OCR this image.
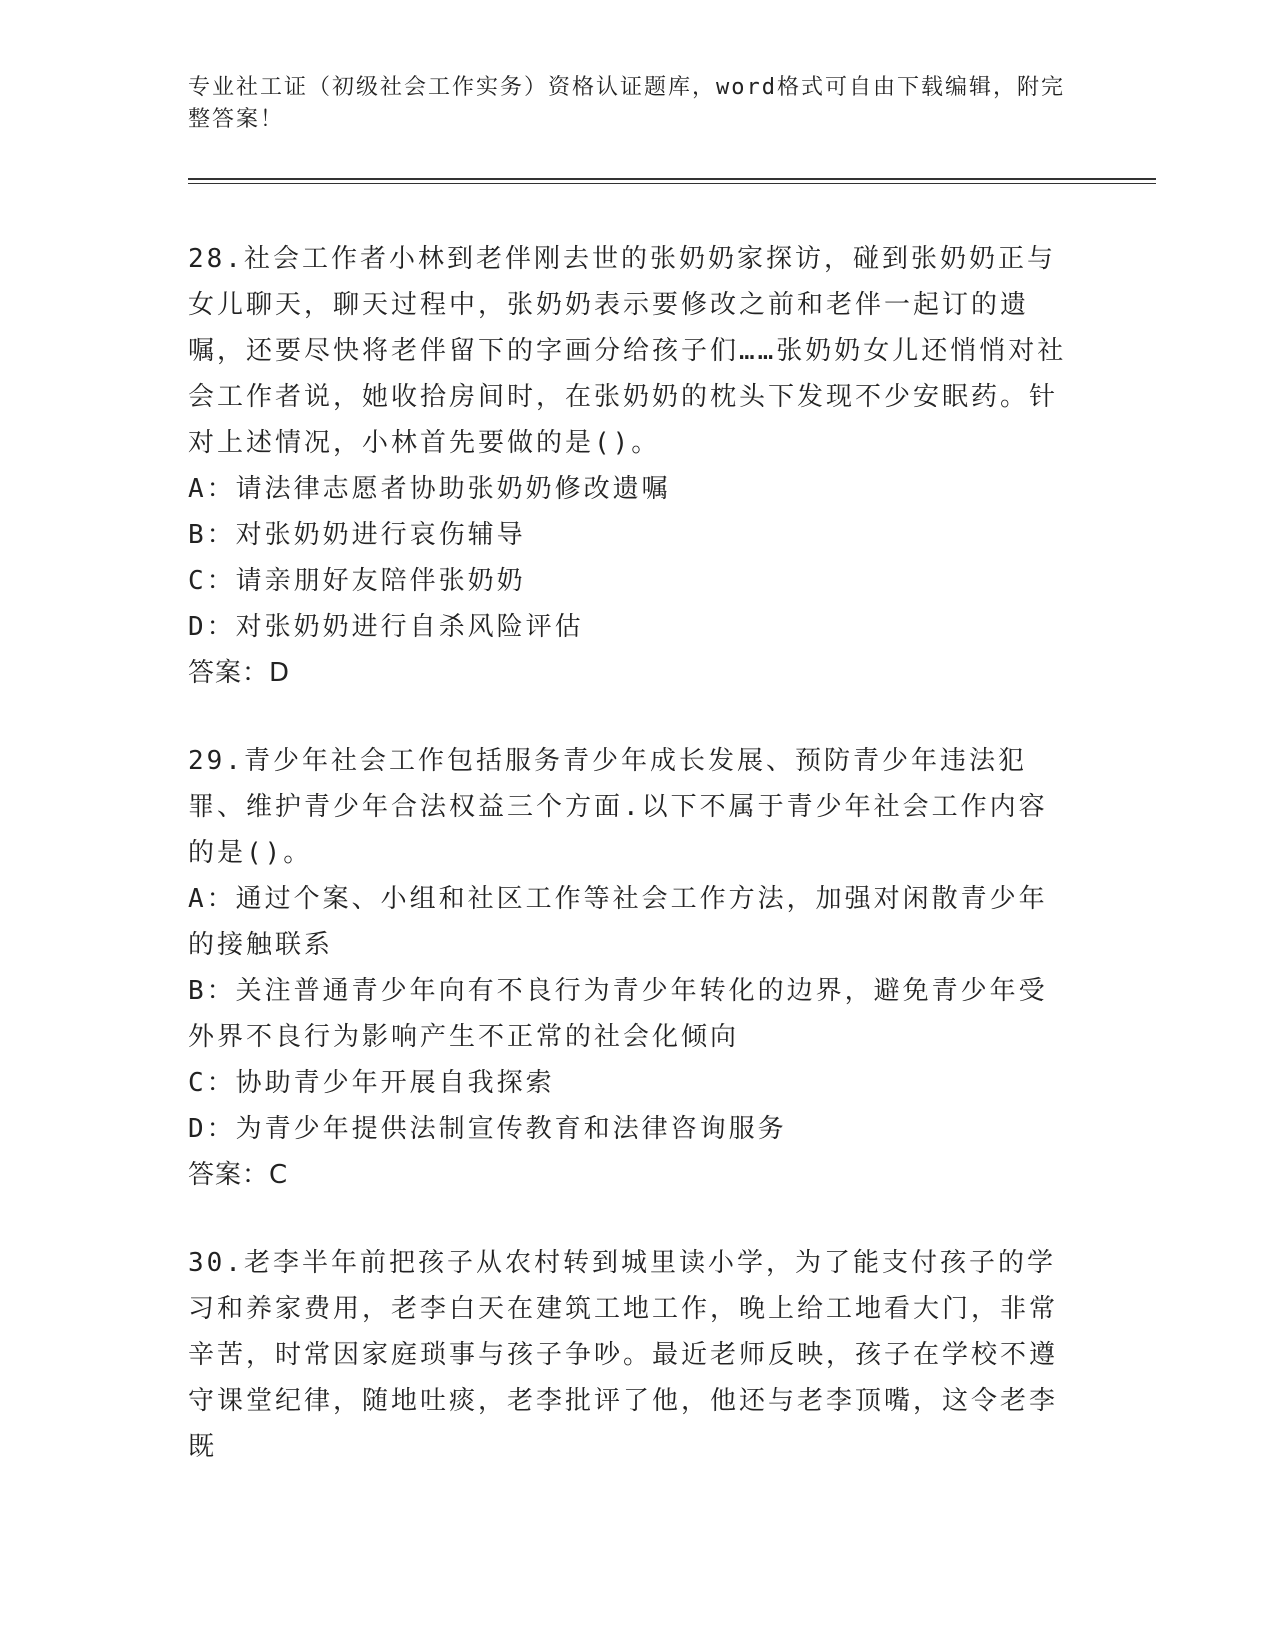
专业社工证（初级社会工作实务）资格认证题库，word格式可自由下载编辑，附完整答案！

28.社会工作者小林到老伴刚去世的张奶奶家探访，碰到张奶奶正与女儿聊天，聊天过程中，张奶奶表示要修改之前和老伴一起订的遗嘱，还要尽快将老伴留下的字画分给孩子们……张奶奶女儿还悄悄对社会工作者说，她收拾房间时，在张奶奶的枕头下发现不少安眠药。针对上述情况，小林首先要做的是()。

A：请法律志愿者协助张奶奶修改遗嘱

B：对张奶奶进行哀伤辅导

C：请亲朋好友陪伴张奶奶

D：对张奶奶进行自杀风险评估

答案：D

29.青少年社会工作包括服务青少年成长发展、预防青少年违法犯罪、维护青少年合法权益三个方面.以下不属于青少年社会工作内容的是()。

A：通过个案、小组和社区工作等社会工作方法，加强对闲散青少年的接触联系

B：关注普通青少年向有不良行为青少年转化的边界，避免青少年受外界不良行为影响产生不正常的社会化倾向

C：协助青少年开展自我探索

D：为青少年提供法制宣传教育和法律咨询服务

答案：C

30.老李半年前把孩子从农村转到城里读小学，为了能支付孩子的学习和养家费用，老李白天在建筑工地工作，晚上给工地看大门，非常辛苦，时常因家庭琐事与孩子争吵。最近老师反映，孩子在学校不遵守课堂纪律，随地吐痰，老李批评了他，他还与老李顶嘴，这令老李既
